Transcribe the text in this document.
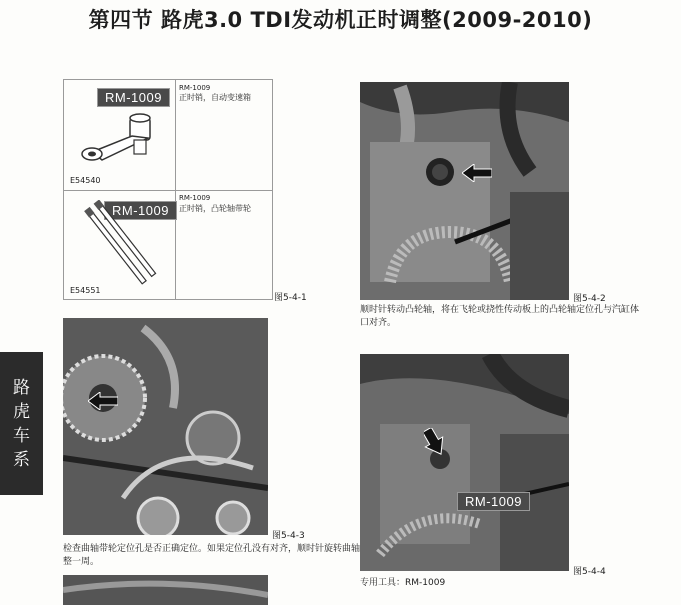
第四节 路虎3.0 TDI发动机正时调整(2009-2010)
RM-1009
E54540
RM-1009
正时销，自动变速箱
RM-1009
E54551
RM-1009
正时销，凸轮轴带轮
图5-4-1	图5-4-2
顺时针转动凸轮轴，将在飞轮或挠性传动板上的凸轮轴定位孔与汽缸体口对齐。
路
虎
车
系
图5-4-3
检查曲轴带轮定位孔是否正确定位。如果定位孔没有对齐，顺时针旋转曲轴整一周。
RM-1009
图5-4-4
专用工具：RM-1009
